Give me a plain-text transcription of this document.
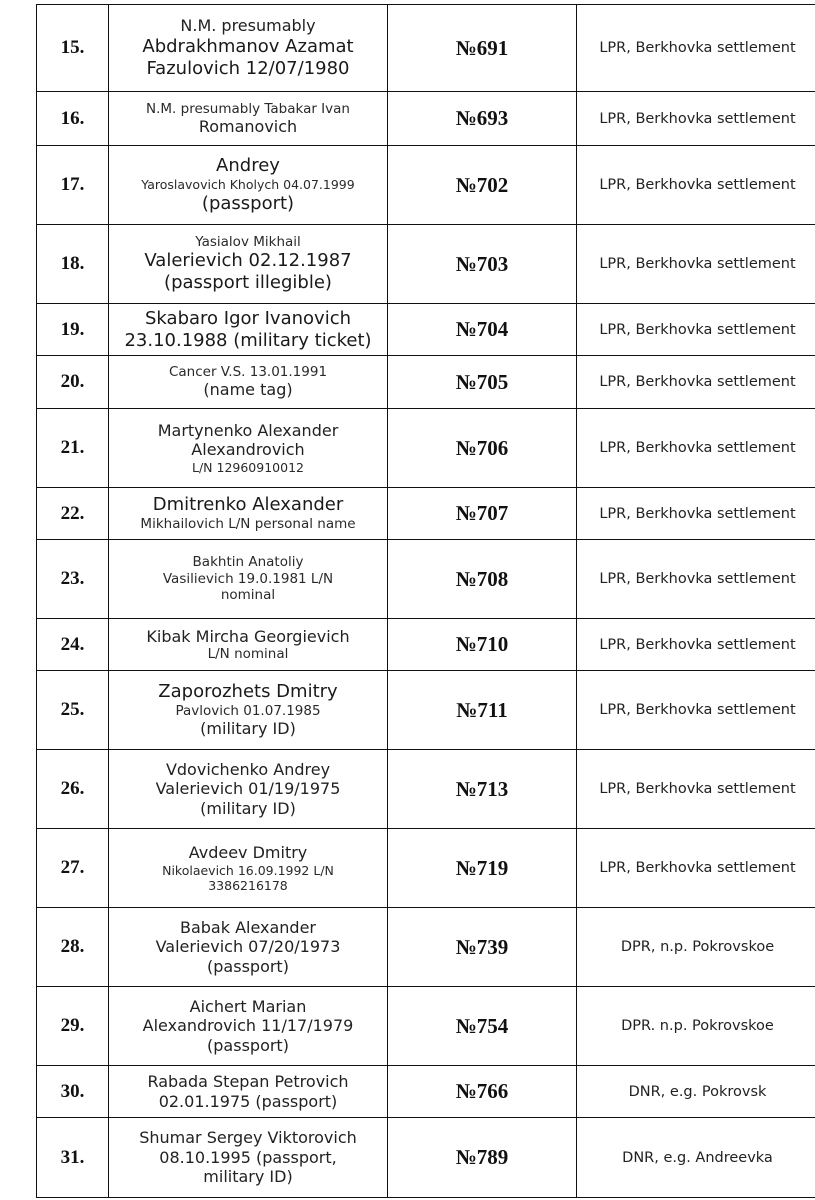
15.	N.M. presumably
Abdrakhmanov Azamat
Fazulovich 12/07/1980	№691	LPR, Berkhovka settlement
16.	N.M. presumably Tabakar Ivan
Romanovich	№693	LPR, Berkhovka settlement
17.	Andrey
Yaroslavovich Kholych 04.07.1999
(passport)	№702	LPR, Berkhovka settlement
18.	Yasialov Mikhail
Valerievich 02.12.1987
(passport illegible)	№703	LPR, Berkhovka settlement
19.	Skabaro Igor Ivanovich
23.10.1988 (military ticket)	№704	LPR, Berkhovka settlement
20.	Cancer V.S. 13.01.1991
(name tag)	№705	LPR, Berkhovka settlement
21.	Martynenko Alexander
Alexandrovich
L/N 12960910012	№706	LPR, Berkhovka settlement
22.	Dmitrenko Alexander
Mikhailovich L/N personal name	№707	LPR, Berkhovka settlement
23.	Bakhtin Anatoliy
Vasilievich 19.0.1981 L/N
nominal	№708	LPR, Berkhovka settlement
24.	Kibak Mircha Georgievich
L/N nominal	№710	LPR, Berkhovka settlement
25.	Zaporozhets Dmitry
Pavlovich 01.07.1985
(military ID)	№711	LPR, Berkhovka settlement
26.	Vdovichenko Andrey
Valerievich 01/19/1975
(military ID)	№713	LPR, Berkhovka settlement
27.	Avdeev Dmitry
Nikolaevich 16.09.1992 L/N
3386216178	№719	LPR, Berkhovka settlement
28.	Babak Alexander
Valerievich 07/20/1973
(passport)	№739	DPR, n.p. Pokrovskoe
29.	Aichert Marian
Alexandrovich 11/17/1979
(passport)	№754	DPR. n.p. Pokrovskoe
30.	Rabada Stepan Petrovich
02.01.1975 (passport)	№766	DNR, e.g. Pokrovsk
31.	Shumar Sergey Viktorovich
08.10.1995 (passport,
military ID)	№789	DNR, e.g. Andreevka
